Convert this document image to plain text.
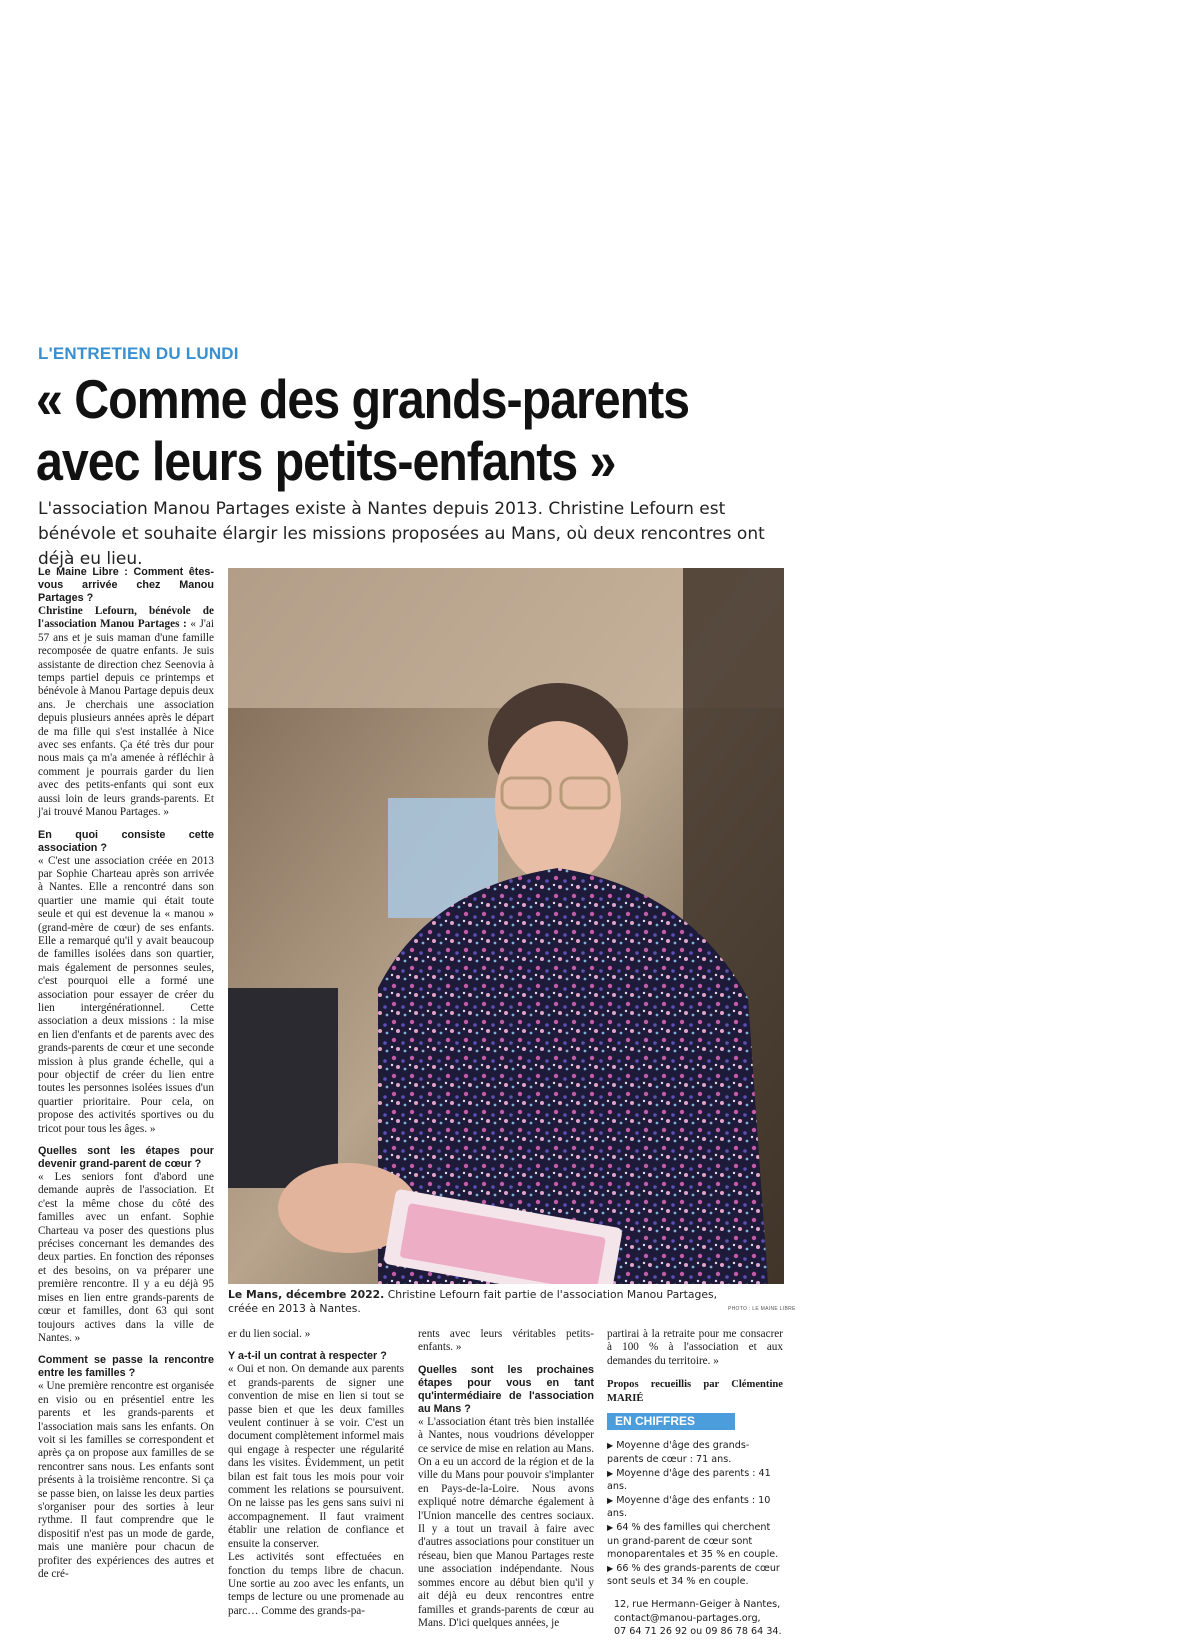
L'ENTRETIEN DU LUNDI
« Comme des grands-parents
avec leurs petits-enfants »
L'association Manou Partages existe à Nantes depuis 2013. Christine Lefourn est bénévole et souhaite élargir les missions proposées au Mans, où deux rencontres ont déjà eu lieu.
Le Maine Libre : Comment êtes-vous arrivée chez Manou Partages ?
Christine Lefourn, bénévole de l'association Manou Partages : « J'ai 57 ans et je suis maman d'une famille recomposée de quatre enfants. Je suis assistante de direction chez Seenovia à temps partiel depuis ce printemps et bénévole à Manou Partage depuis deux ans. Je cherchais une association depuis plusieurs années après le départ de ma fille qui s'est installée à Nice avec ses enfants. Ça été très dur pour nous mais ça m'a amenée à réfléchir à comment je pourrais garder du lien avec des petits-enfants qui sont eux aussi loin de leurs grands-parents. Et j'ai trouvé Manou Partages. »
En quoi consiste cette association ?
« C'est une association créée en 2013 par Sophie Charteau après son arrivée à Nantes. Elle a rencontré dans son quartier une mamie qui était toute seule et qui est devenue la « manou » (grand-mère de cœur) de ses enfants. Elle a remarqué qu'il y avait beaucoup de familles isolées dans son quartier, mais également de personnes seules, c'est pourquoi elle a formé une association pour essayer de créer du lien intergénérationnel. Cette association a deux missions : la mise en lien d'enfants et de parents avec des grands-parents de cœur et une seconde mission à plus grande échelle, qui a pour objectif de créer du lien entre toutes les personnes isolées issues d'un quartier prioritaire. Pour cela, on propose des activités sportives ou du tricot pour tous les âges. »
Quelles sont les étapes pour devenir grand-parent de cœur ?
« Les seniors font d'abord une demande auprès de l'association. Et c'est la même chose du côté des familles avec un enfant. Sophie Charteau va poser des questions plus précises concernant les demandes des deux parties. En fonction des réponses et des besoins, on va préparer une première rencontre. Il y a eu déjà 95 mises en lien entre grands-parents de cœur et familles, dont 63 qui sont toujours actives dans la ville de Nantes. »
Comment se passe la rencontre entre les familles ?
« Une première rencontre est organisée en visio ou en présentiel entre les parents et les grands-parents et l'association mais sans les enfants. On voit si les familles se correspondent et après ça on propose aux familles de se rencontrer sans nous. Les enfants sont présents à la troisième rencontre. Si ça se passe bien, on laisse les deux parties s'organiser pour des sorties à leur rythme. Il faut comprendre que le dispositif n'est pas un mode de garde, mais une manière pour chacun de profiter des expériences des autres et de cré-
Le Mans, décembre 2022. Christine Lefourn fait partie de l'association Manou Partages, créée en 2013 à Nantes.	PHOTO : LE MAINE LIBRE
er du lien social. »
Y a-t-il un contrat à respecter ?
« Oui et non. On demande aux parents et grands-parents de signer une convention de mise en lien si tout se passe bien et que les deux familles veulent continuer à se voir. C'est un document complètement informel mais qui engage à respecter une régularité dans les visites. Évidemment, un petit bilan est fait tous les mois pour voir comment les relations se poursuivent. On ne laisse pas les gens sans suivi ni accompagnement. Il faut vraiment établir une relation de confiance et ensuite la conserver.
Les activités sont effectuées en fonction du temps libre de chacun. Une sortie au zoo avec les enfants, un temps de lecture ou une promenade au parc… Comme des grands-pa-
rents avec leurs véritables petits-enfants. »
Quelles sont les prochaines étapes pour vous en tant qu'intermédiaire de l'association au Mans ?
« L'association étant très bien installée à Nantes, nous voudrions développer ce service de mise en relation au Mans. On a eu un accord de la région et de la ville du Mans pour pouvoir s'implanter en Pays-de-la-Loire. Nous avons expliqué notre démarche également à l'Union mancelle des centres sociaux. Il y a tout un travail à faire avec d'autres associations pour constituer un réseau, bien que Manou Partages reste une association indépendante. Nous sommes encore au début bien qu'il y ait déjà eu deux rencontres entre familles et grands-parents de cœur au Mans. D'ici quelques années, je
partirai à la retraite pour me consacrer à 100 % à l'association et aux demandes du territoire. »
Propos recueillis par Clémentine MARIÉ
EN CHIFFRES
▶ Moyenne d'âge des grands-parents de cœur : 71 ans.
▶ Moyenne d'âge des parents : 41 ans.
▶ Moyenne d'âge des enfants : 10 ans.
▶ 64 % des familles qui cherchent un grand-parent de cœur sont monoparentales et 35 % en couple.
▶ 66 % des grands-parents de cœur sont seuls et 34 % en couple.
12, rue Hermann-Geiger à Nantes,
contact@manou-partages.org,
07 64 71 26 92 ou 09 86 78 64 34.
